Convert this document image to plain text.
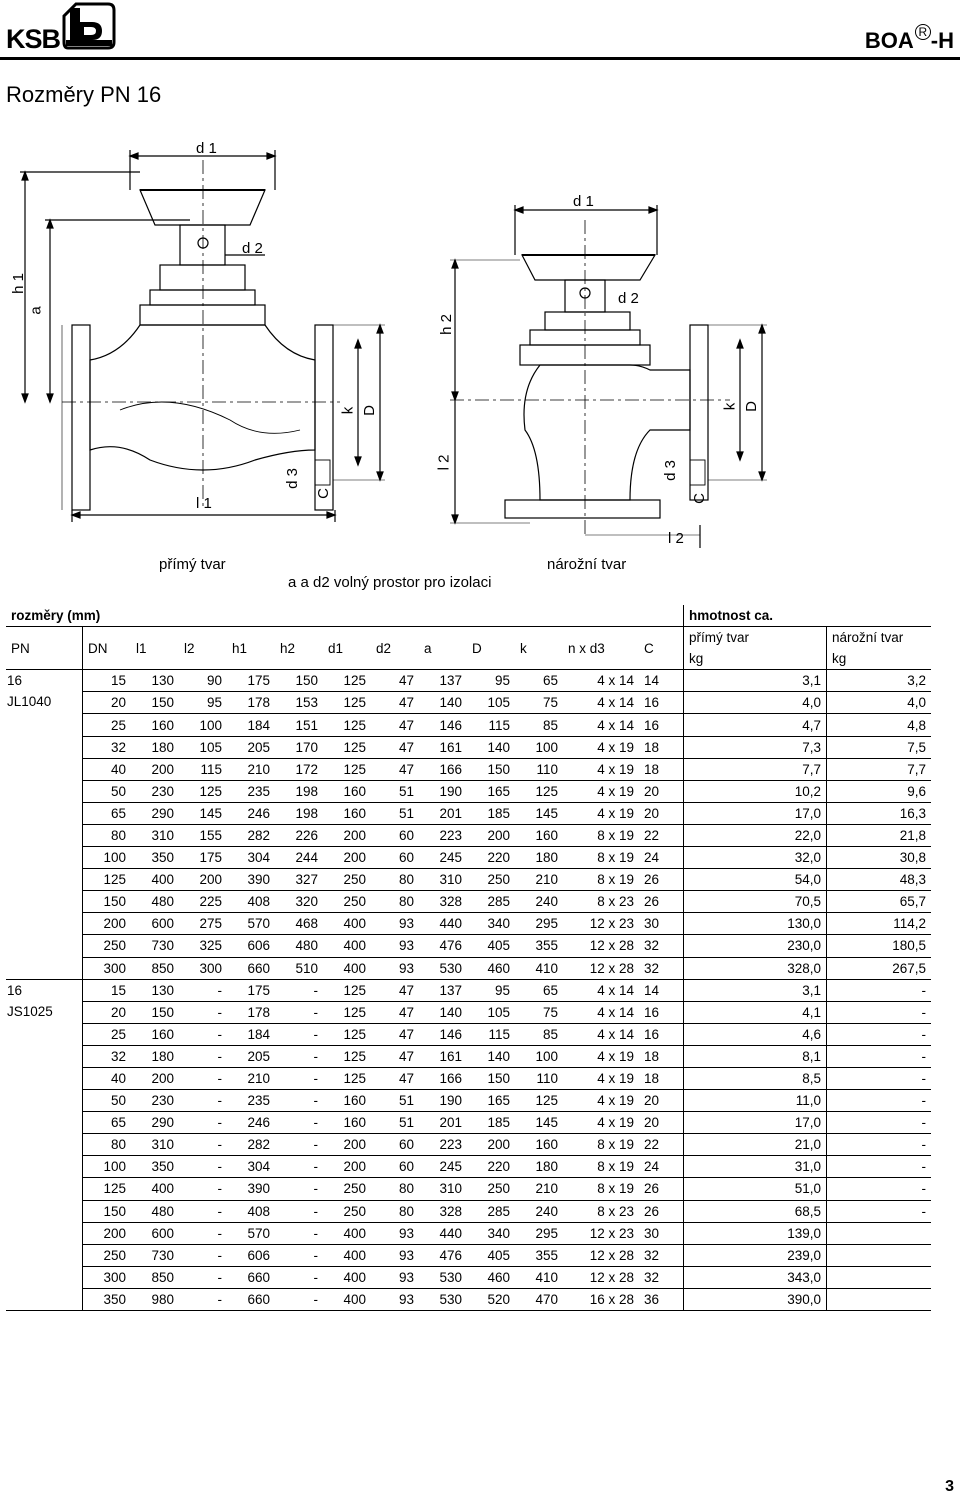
KSB	BOA $^R$ -H
Rozměry PN 16
d 1
d 2
h 1
a
k D
d 3
C
l 1
d 1
d 2
h 2
l 2
k D
d 3
C
l 2
přímý tvar	nárožní tvar
a a d2 volný prostor pro izolaci
rozměry (mm)													hmotnost ca.	
PN	DN	l1	l2	h1	h2	d1	d2	a	D	k	n x d3	C	přímý tvar	nárožní tvar
													kg	kg

16
JL1040	15	130	90	175	150	125	47	137	95	65	4 x 14	14	3,1	3,2
	20	150	95	178	153	125	47	140	105	75	4 x 14	16	4,0	4,0
	25	160	100	184	151	125	47	146	115	85	4 x 14	16	4,7	4,8
	32	180	105	205	170	125	47	161	140	100	4 x 19	18	7,3	7,5
	40	200	115	210	172	125	47	166	150	110	4 x 19	18	7,7	7,7
	50	230	125	235	198	160	51	190	165	125	4 x 19	20	10,2	9,6
	65	290	145	246	198	160	51	201	185	145	4 x 19	20	17,0	16,3
	80	310	155	282	226	200	60	223	200	160	8 x 19	22	22,0	21,8
	100	350	175	304	244	200	60	245	220	180	8 x 19	24	32,0	30,8
	125	400	200	390	327	250	80	310	250	210	8 x 19	26	54,0	48,3
	150	480	225	408	320	250	80	328	285	240	8 x 23	26	70,5	65,7
	200	600	275	570	468	400	93	440	340	295	12 x 23	30	130,0	114,2
	250	730	325	606	480	400	93	476	405	355	12 x 28	32	230,0	180,5
	300	850	300	660	510	400	93	530	460	410	12 x 28	32	328,0	267,5

16
JS1025	15	130	-	175	-	125	47	137	95	65	4 x 14	14	3,1	-
	20	150	-	178	-	125	47	140	105	75	4 x 14	16	4,1	-
	25	160	-	184	-	125	47	146	115	85	4 x 14	16	4,6	-
	32	180	-	205	-	125	47	161	140	100	4 x 19	18	8,1	-
	40	200	-	210	-	125	47	166	150	110	4 x 19	18	8,5	-
	50	230	-	235	-	160	51	190	165	125	4 x 19	20	11,0	-
	65	290	-	246	-	160	51	201	185	145	4 x 19	20	17,0	-
	80	310	-	282	-	200	60	223	200	160	8 x 19	22	21,0	-
	100	350	-	304	-	200	60	245	220	180	8 x 19	24	31,0	-
	125	400	-	390	-	250	80	310	250	210	8 x 19	26	51,0	-
	150	480	-	408	-	250	80	328	285	240	8 x 23	26	68,5	-
	200	600	-	570	-	400	93	440	340	295	12 x 23	30	139,0	
	250	730	-	606	-	400	93	476	405	355	12 x 28	32	239,0	
	300	850	-	660	-	400	93	530	460	410	12 x 28	32	343,0	
	350	980	-	660	-	400	93	530	520	470	16 x 28	36	390,0	
3
